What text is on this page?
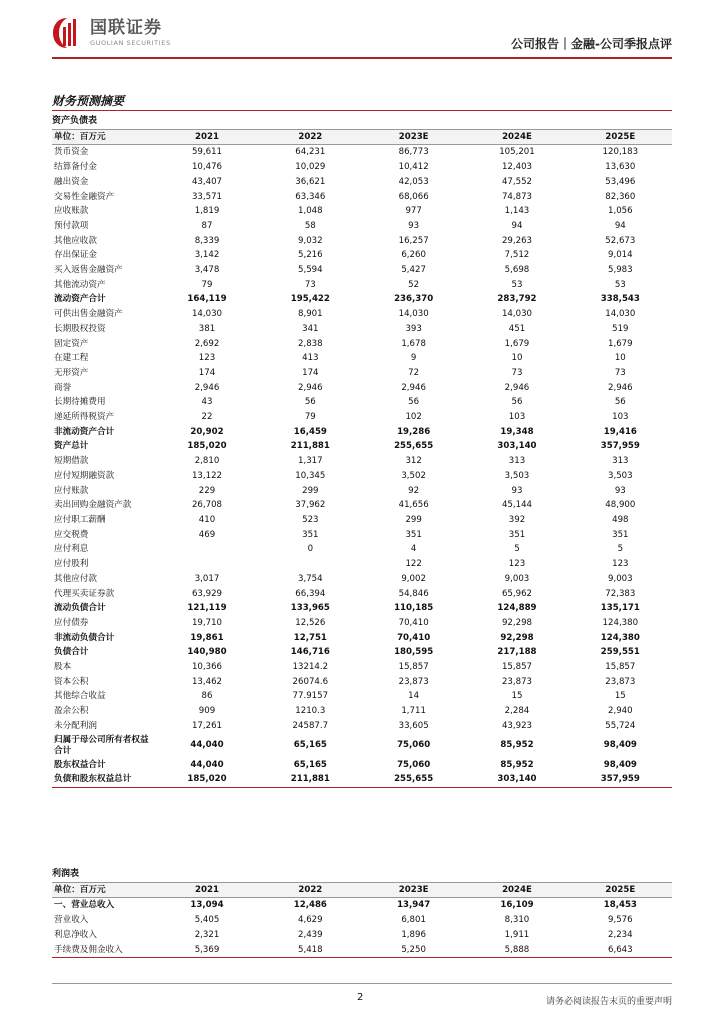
国联证券
GUOLIAN SECURITIES	公司报告｜金融-公司季报点评
财务预测摘要
资产负债表					
单位：百万元	2021	2022	2023E	2024E	2025E
货币资金	59,611	64,231	86,773	105,201	120,183
结算备付金	10,476	10,029	10,412	12,403	13,630
融出资金	43,407	36,621	42,053	47,552	53,496
交易性金融资产	33,571	63,346	68,066	74,873	82,360
应收账款	1,819	1,048	977	1,143	1,056
预付款项	87	58	93	94	94
其他应收款	8,339	9,032	16,257	29,263	52,673
存出保证金	3,142	5,216	6,260	7,512	9,014
买入返售金融资产	3,478	5,594	5,427	5,698	5,983
其他流动资产	79	73	52	53	53
流动资产合计	164,119	195,422	236,370	283,792	338,543
可供出售金融资产	14,030	8,901	14,030	14,030	14,030
长期股权投资	381	341	393	451	519
固定资产	2,692	2,838	1,678	1,679	1,679
在建工程	123	413	9	10	10
无形资产	174	174	72	73	73
商誉	2,946	2,946	2,946	2,946	2,946
长期待摊费用	43	56	56	56	56
递延所得税资产	22	79	102	103	103
非流动资产合计	20,902	16,459	19,286	19,348	19,416
资产总计	185,020	211,881	255,655	303,140	357,959
短期借款	2,810	1,317	312	313	313
应付短期融资款	13,122	10,345	3,502	3,503	3,503
应付账款	229	299	92	93	93
卖出回购金融资产款	26,708	37,962	41,656	45,144	48,900
应付职工薪酬	410	523	299	392	498
应交税费	469	351	351	351	351
应付利息		0	4	5	5
应付股利			122	123	123
其他应付款	3,017	3,754	9,002	9,003	9,003
代理买卖证券款	63,929	66,394	54,846	65,962	72,383
流动负债合计	121,119	133,965	110,185	124,889	135,171
应付债券	19,710	12,526	70,410	92,298	124,380
非流动负债合计	19,861	12,751	70,410	92,298	124,380
负债合计	140,980	146,716	180,595	217,188	259,551
股本	10,366	13214.2	15,857	15,857	15,857
资本公积	13,462	26074.6	23,873	23,873	23,873
其他综合收益	86	77.9157	14	15	15
盈余公积	909	1210.3	1,711	2,284	2,940
未分配利润	17,261	24587.7	33,605	43,923	55,724
归属于母公司所有者权益合计	44,040	65,165	75,060	85,952	98,409
股东权益合计	44,040	65,165	75,060	85,952	98,409
负债和股东权益总计	185,020	211,881	255,655	303,140	357,959
利润表					
单位：百万元	2021	2022	2023E	2024E	2025E
一、营业总收入	13,094	12,486	13,947	16,109	18,453
营业收入	5,405	4,629	6,801	8,310	9,576
利息净收入	2,321	2,439	1,896	1,911	2,234
手续费及佣金收入	5,369	5,418	5,250	5,888	6,643
2	请务必阅读报告末页的重要声明
